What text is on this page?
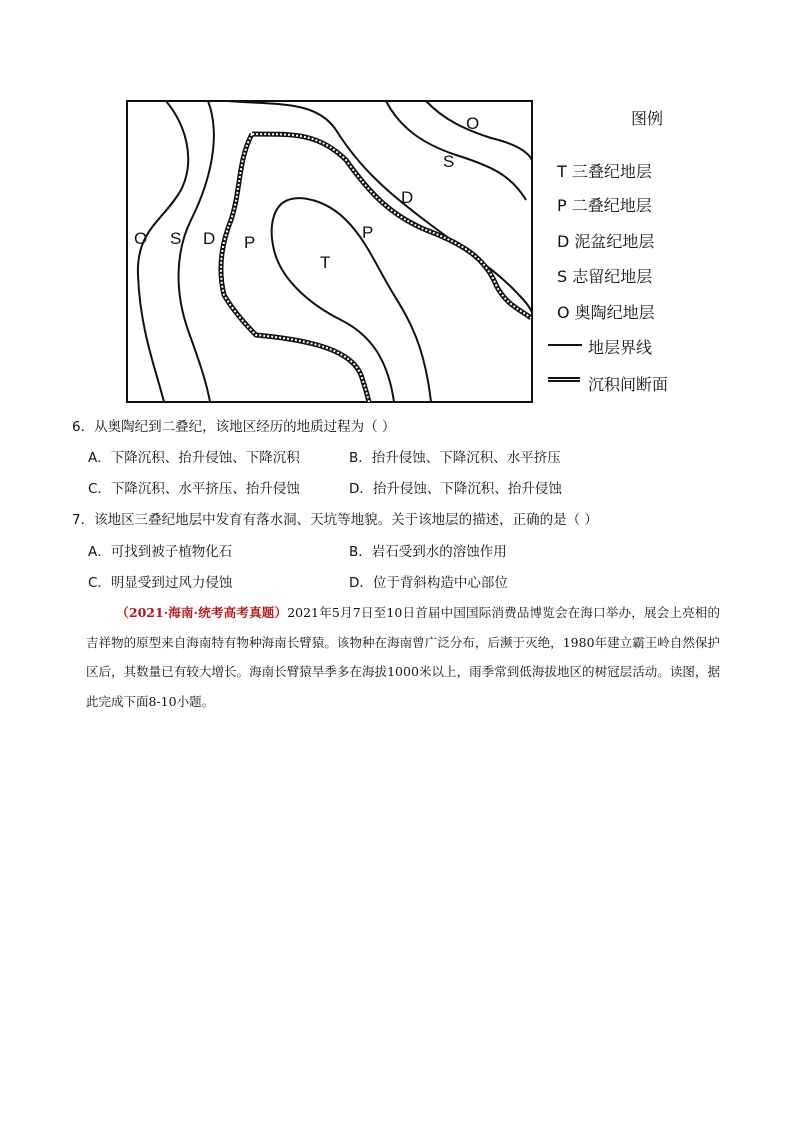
O
S
D
P
T
O S D P
图例
T 三叠纪地层
P 二叠纪地层
D 泥盆纪地层
S 志留纪地层
O 奥陶纪地层
地层界线
沉积间断面
6．从奥陶纪到二叠纪，该地区经历的地质过程为（ ）
A．下降沉积、抬升侵蚀、下降沉积	B．抬升侵蚀、下降沉积、水平挤压
C．下降沉积、水平挤压、抬升侵蚀	D．抬升侵蚀、下降沉积、抬升侵蚀
7．该地区三叠纪地层中发育有落水洞、天坑等地貌。关于该地层的描述，正确的是（ ）
A．可找到被子植物化石	B．岩石受到水的溶蚀作用
C．明显受到过风力侵蚀	D．位于背斜构造中心部位
（2021·海南·统考高考真题）2021年5月7日至10日首届中国国际消费品博览会在海口举办，展会上亮相的吉祥物的原型来自海南特有物种海南长臂猿。该物种在海南曾广泛分布，后濒于灭绝，1980年建立霸王岭自然保护区后，其数量已有较大增长。海南长臂猿旱季多在海拔1000米以上，雨季常到低海拔地区的树冠层活动。读图，据此完成下面8-10小题。
